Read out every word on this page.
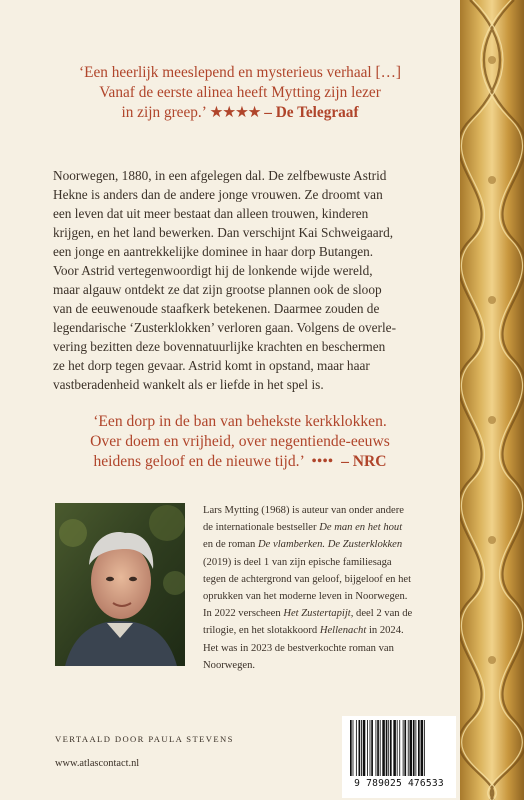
‘Een heerlijk meeslepend en mysterieus verhaal […]
Vanaf de eerste alinea heeft Mytting zijn lezer
in zijn greep.’ ★★★★ – De Telegraaf
Noorwegen, 1880, in een afgelegen dal. De zelfbewuste Astrid
Hekne is anders dan de andere jonge vrouwen. Ze droomt van
een leven dat uit meer bestaat dan alleen trouwen, kinderen
krijgen, en het land bewerken. Dan verschijnt Kai Schweigaard,
een jonge en aantrekkelijke dominee in haar dorp Butangen.
Voor Astrid vertegenwoordigt hij de lonkende wijde wereld,
maar algauw ontdekt ze dat zijn grootse plannen ook de sloop
van de eeuwenoude staafkerk betekenen. Daarmee zouden de
legendarische ‘Zusterklokken’ verloren gaan. Volgens de overle-
vering bezitten deze bovennatuurlijke krachten en beschermen
ze het dorp tegen gevaar. Astrid komt in opstand, maar haar
vastberadenheid wankelt als er liefde in het spel is.
‘Een dorp in de ban van behekste kerkklokken.
Over doem en vrijheid, over negentiende-eeuws
heidens geloof en de nieuwe tijd.’ •••• – NRC
Lars Mytting (1968) is auteur van onder andere
de internationale bestseller De man en het hout
en de roman De vlamberken. De Zusterklokken
(2019) is deel 1 van zijn epische familiesaga
tegen de achtergrond van geloof, bijgeloof en het
oprukken van het moderne leven in Noorwegen.
In 2022 verscheen Het Zustertapijt, deel 2 van de
trilogie, en het slotakkoord Hellenacht in 2024.
Het was in 2023 de bestverkochte roman van
Noorwegen.
VERTAALD DOOR PAULA STEVENS
www.atlascontact.nl
9 789025 476533
